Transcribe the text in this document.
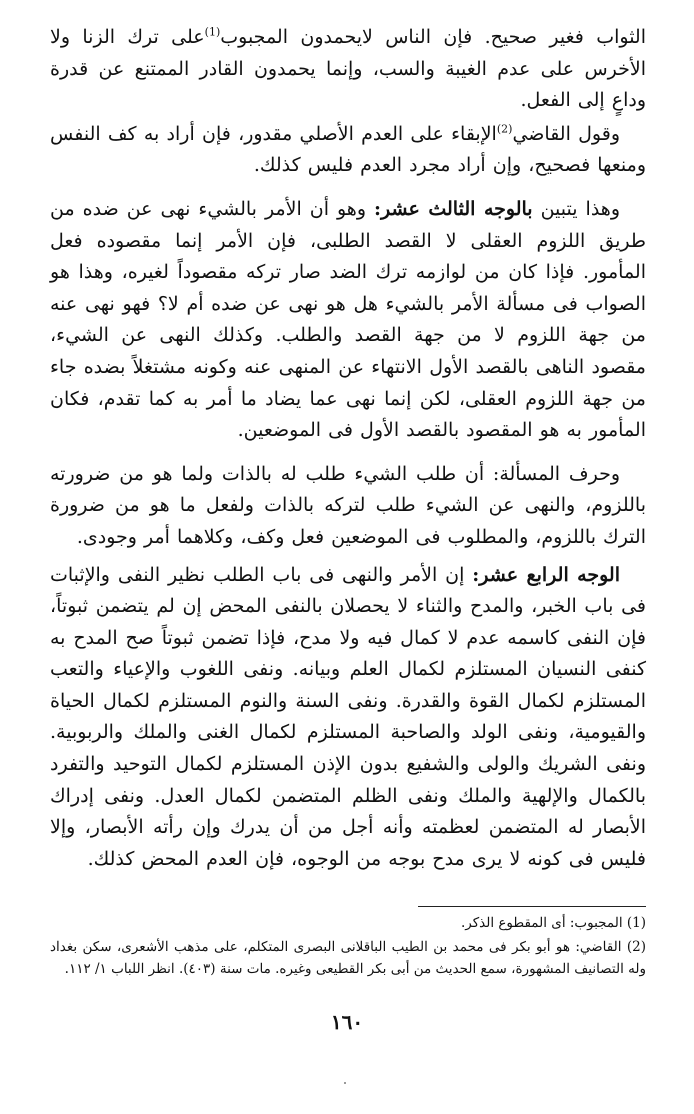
الثواب فغير صحيح. فإن الناس لايحمدون المجبوب$^{(1)}$على ترك الزنا ولا الأخرس على عدم الغيبة والسب، وإنما يحمدون القادر الممتنع عن قدرة وداعٍ إلى الفعل.

وقول القاضي$^{(2)}$الإبقاء على العدم الأصلي مقدور، فإن أراد به كف النفس ومنعها فصحيح، وإن أراد مجرد العدم فليس كذلك.

وهذا يتبين بالوجه الثالث عشر: وهو أن الأمر بالشيء نهى عن ضده من طريق اللزوم العقلى لا القصد الطلبى، فإن الأمر إنما مقصوده فعل المأمور. فإذا كان من لوازمه ترك الضد صار تركه مقصوداً لغيره، وهذا هو الصواب فى مسألة الأمر بالشيء هل هو نهى عن ضده أم لا؟ فهو نهى عنه من جهة اللزوم لا من جهة القصد والطلب. وكذلك النهى عن الشيء، مقصود الناهى بالقصد الأول الانتهاء عن المنهى عنه وكونه مشتغلاً بضده جاء من جهة اللزوم العقلى، لكن إنما نهى عما يضاد ما أمر به كما تقدم، فكان المأمور به هو المقصود بالقصد الأول فى الموضعين.

وحرف المسألة: أن طلب الشيء طلب له بالذات ولما هو من ضرورته باللزوم، والنهى عن الشيء طلب لتركه بالذات ولفعل ما هو من ضرورة الترك باللزوم، والمطلوب فى الموضعين فعل وكف، وكلاهما أمر وجودى.

الوجه الرابع عشر: إن الأمر والنهى فى باب الطلب نظير النفى والإثبات فى باب الخبر، والمدح والثناء لا يحصلان بالنفى المحض إن لم يتضمن ثبوتاً، فإن النفى كاسمه عدم لا كمال فيه ولا مدح، فإذا تضمن ثبوتاً صح المدح به كنفى النسيان المستلزم لكمال العلم وبيانه. ونفى اللغوب والإعياء والتعب المستلزم لكمال القوة والقدرة. ونفى السنة والنوم المستلزم لكمال الحياة والقيومية، ونفى الولد والصاحبة المستلزم لكمال الغنى والملك والربوبية. ونفى الشريك والولى والشفيع بدون الإذن المستلزم لكمال التوحيد والتفرد بالكمال والإلهية والملك ونفى الظلم المتضمن لكمال العدل. ونفى إدراك الأبصار له المتضمن لعظمته وأنه أجل من أن يدرك وإن رأته الأبصار، وإلا فليس فى كونه لا يرى مدح بوجه من الوجوه، فإن العدم المحض كذلك.

(1) المجبوب: أى المقطوع الذكر.

(2) القاضي: هو أبو بكر فى محمد بن الطيب الباقلانى البصرى المتكلم، على مذهب الأشعرى، سكن بغداد وله التصانيف المشهورة، سمع الحديث من أبى بكر القطيعى وغيره. مات سنة (٤٠٣). انظر اللباب ١/ ١١٢.

١٦٠
